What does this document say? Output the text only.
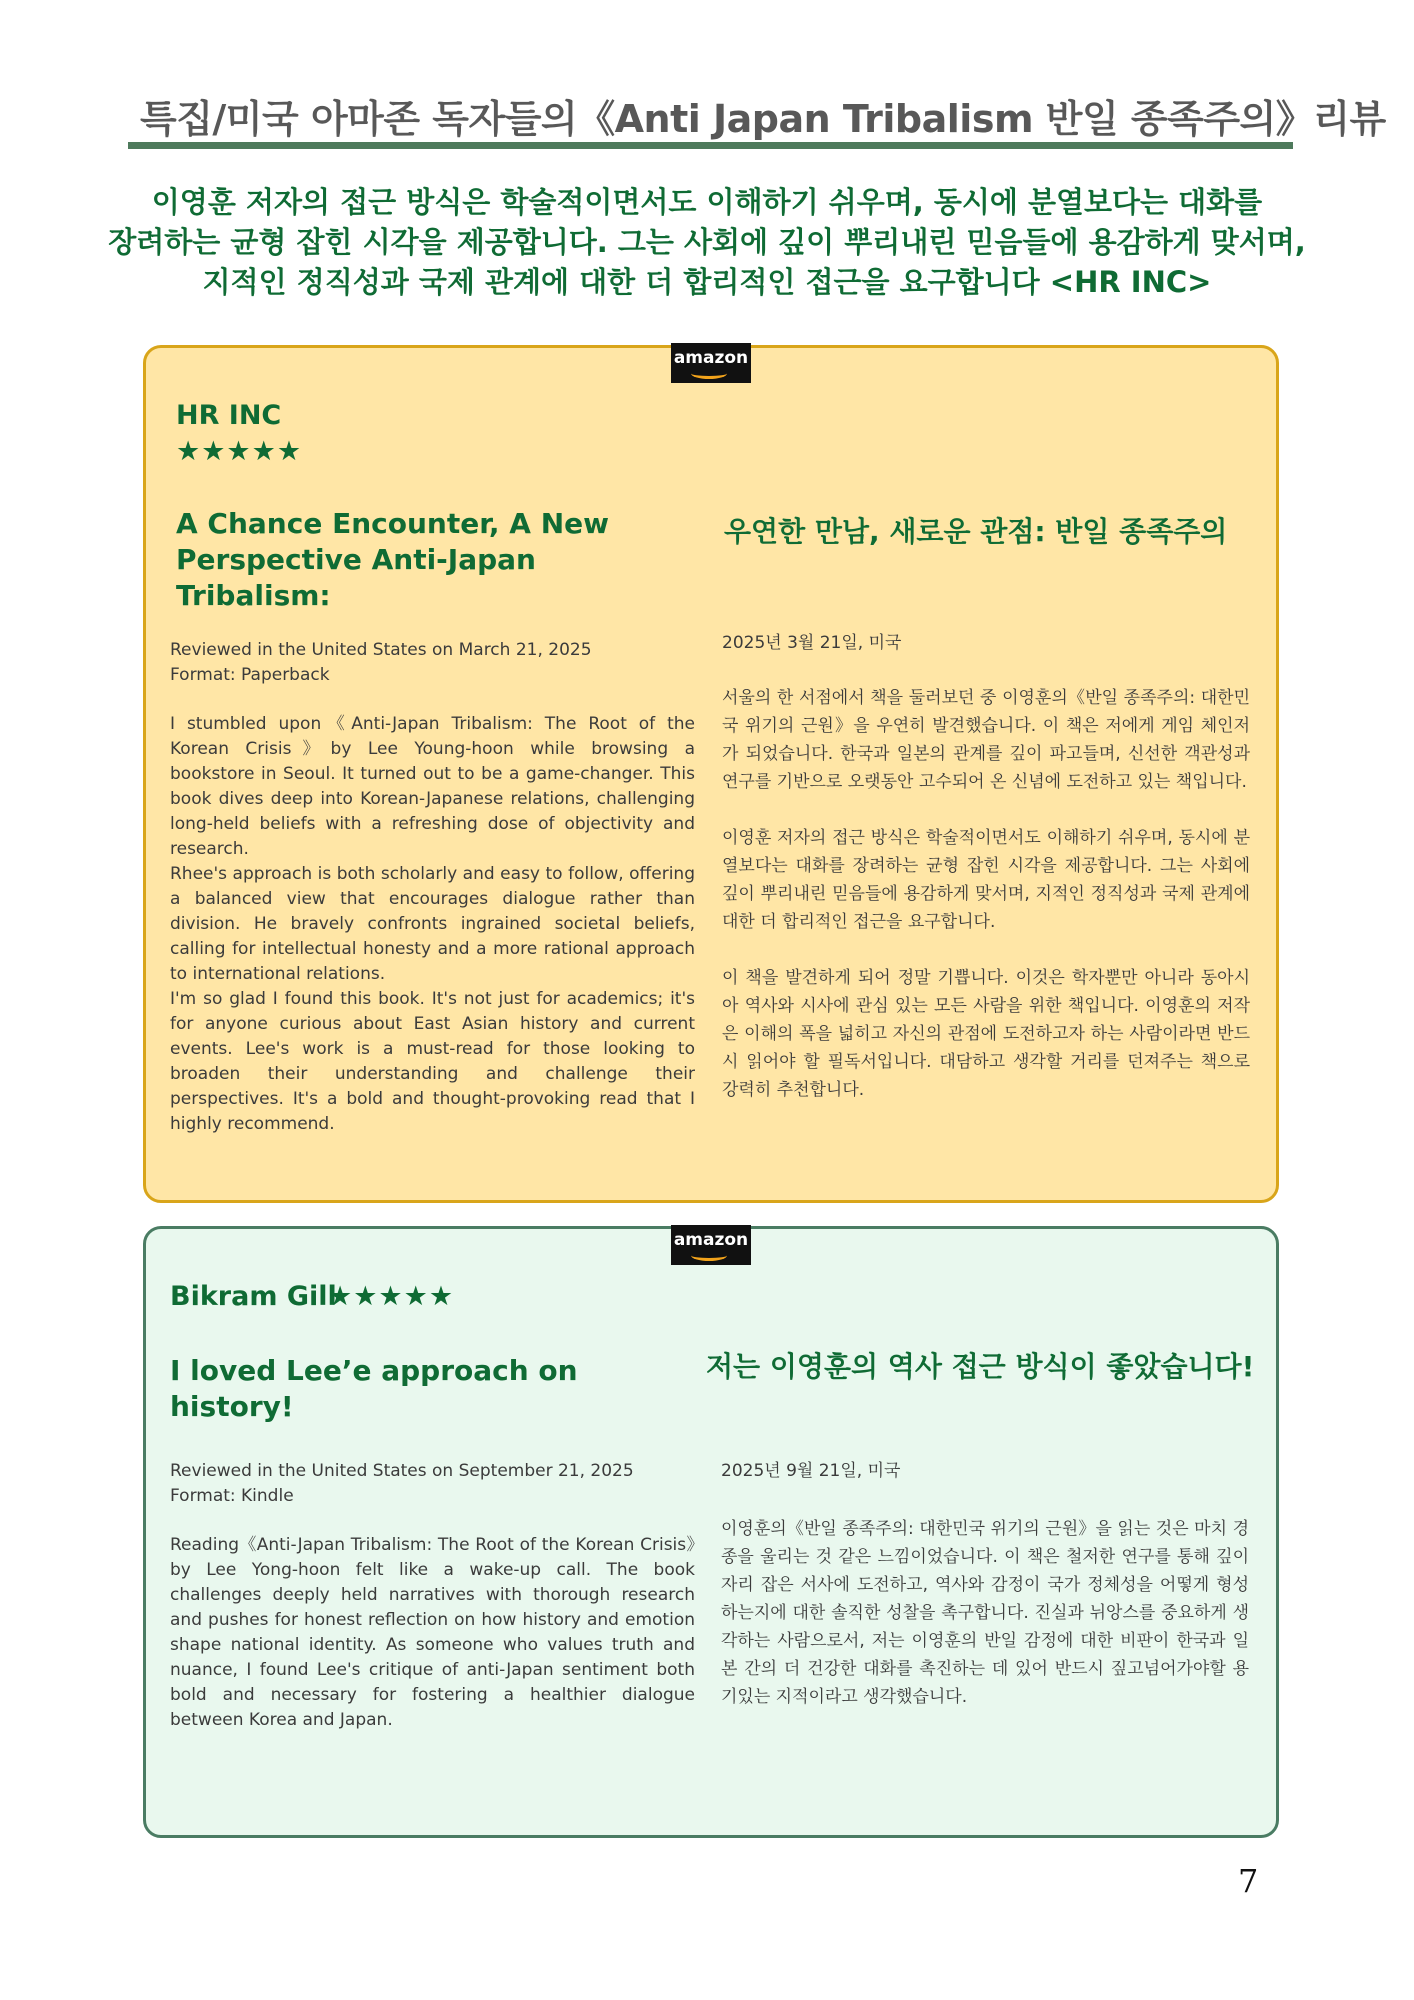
특집/미국 아마존 독자들의《Anti Japan Tribalism 반일 종족주의》리뷰
이영훈 저자의 접근 방식은 학술적이면서도 이해하기 쉬우며, 동시에 분열보다는 대화를
장려하는 균형 잡힌 시각을 제공합니다. 그는 사회에 깊이 뿌리내린 믿음들에 용감하게 맞서며,
지적인 정직성과 국제 관계에 대한 더 합리적인 접근을 요구합니다 <HR INC>
amazon
HR INC
★★★★★
A Chance Encounter, A New Perspective Anti-Japan Tribalism:
우연한 만남, 새로운 관점: 반일 종족주의
Reviewed in the United States on March 21, 2025
Format: Paperback
2025년 3월 21일, 미국

I stumbled upon《Anti-Japan Tribalism: The Root of the Korean Crisis》by Lee Young-hoon while browsing a bookstore in Seoul. It turned out to be a game-changer. This book dives deep into Korean-Japanese relations, challenging long-held beliefs with a refreshing dose of objectivity and research.

Rhee's approach is both scholarly and easy to follow, offering a balanced view that encourages dialogue rather than division. He bravely confronts ingrained societal beliefs, calling for intellectual honesty and a more rational approach to international relations.

I'm so glad I found this book. It's not just for academics; it's for anyone curious about East Asian history and current events. Lee's work is a must-read for those looking to broaden their understanding and challenge their perspectives. It's a bold and thought-provoking read that I highly recommend.

서울의 한 서점에서 책을 둘러보던 중 이영훈의《반일 종족주의: 대한민국 위기의 근원》을 우연히 발견했습니다. 이 책은 저에게 게임 체인저가 되었습니다. 한국과 일본의 관계를 깊이 파고들며, 신선한 객관성과 연구를 기반으로 오랫동안 고수되어 온 신념에 도전하고 있는 책입니다.

이영훈 저자의 접근 방식은 학술적이면서도 이해하기 쉬우며, 동시에 분열보다는 대화를 장려하는 균형 잡힌 시각을 제공합니다. 그는 사회에 깊이 뿌리내린 믿음들에 용감하게 맞서며, 지적인 정직성과 국제 관계에 대한 더 합리적인 접근을 요구합니다.

이 책을 발견하게 되어 정말 기쁩니다. 이것은 학자뿐만 아니라 동아시아 역사와 시사에 관심 있는 모든 사람을 위한 책입니다. 이영훈의 저작은 이해의 폭을 넓히고 자신의 관점에 도전하고자 하는 사람이라면 반드시 읽어야 할 필독서입니다. 대담하고 생각할 거리를 던져주는 책으로 강력히 추천합니다.

amazon
Bikram Gill
★★★★★
I loved Lee’e approach on history!
저는 이영훈의 역사 접근 방식이 좋았습니다!
Reviewed in the United States on September 21, 2025
Format: Kindle
2025년 9월 21일, 미국

Reading《Anti-Japan Tribalism: The Root of the Korean Crisis》by Lee Yong-hoon felt like a wake-up call. The book challenges deeply held narratives with thorough research and pushes for honest reflection on how history and emotion shape national identity. As someone who values truth and nuance, I found Lee's critique of anti-Japan sentiment both bold and necessary for fostering a healthier dialogue between Korea and Japan.

이영훈의《반일 종족주의: 대한민국 위기의 근원》을 읽는 것은 마치 경종을 울리는 것 같은 느낌이었습니다. 이 책은 철저한 연구를 통해 깊이 자리 잡은 서사에 도전하고, 역사와 감정이 국가 정체성을 어떻게 형성하는지에 대한 솔직한 성찰을 촉구합니다. 진실과 뉘앙스를 중요하게 생각하는 사람으로서, 저는 이영훈의 반일 감정에 대한 비판이 한국과 일본 간의 더 건강한 대화를 촉진하는 데 있어 반드시 짚고넘어가야할 용기있는 지적이라고 생각했습니다.

7
